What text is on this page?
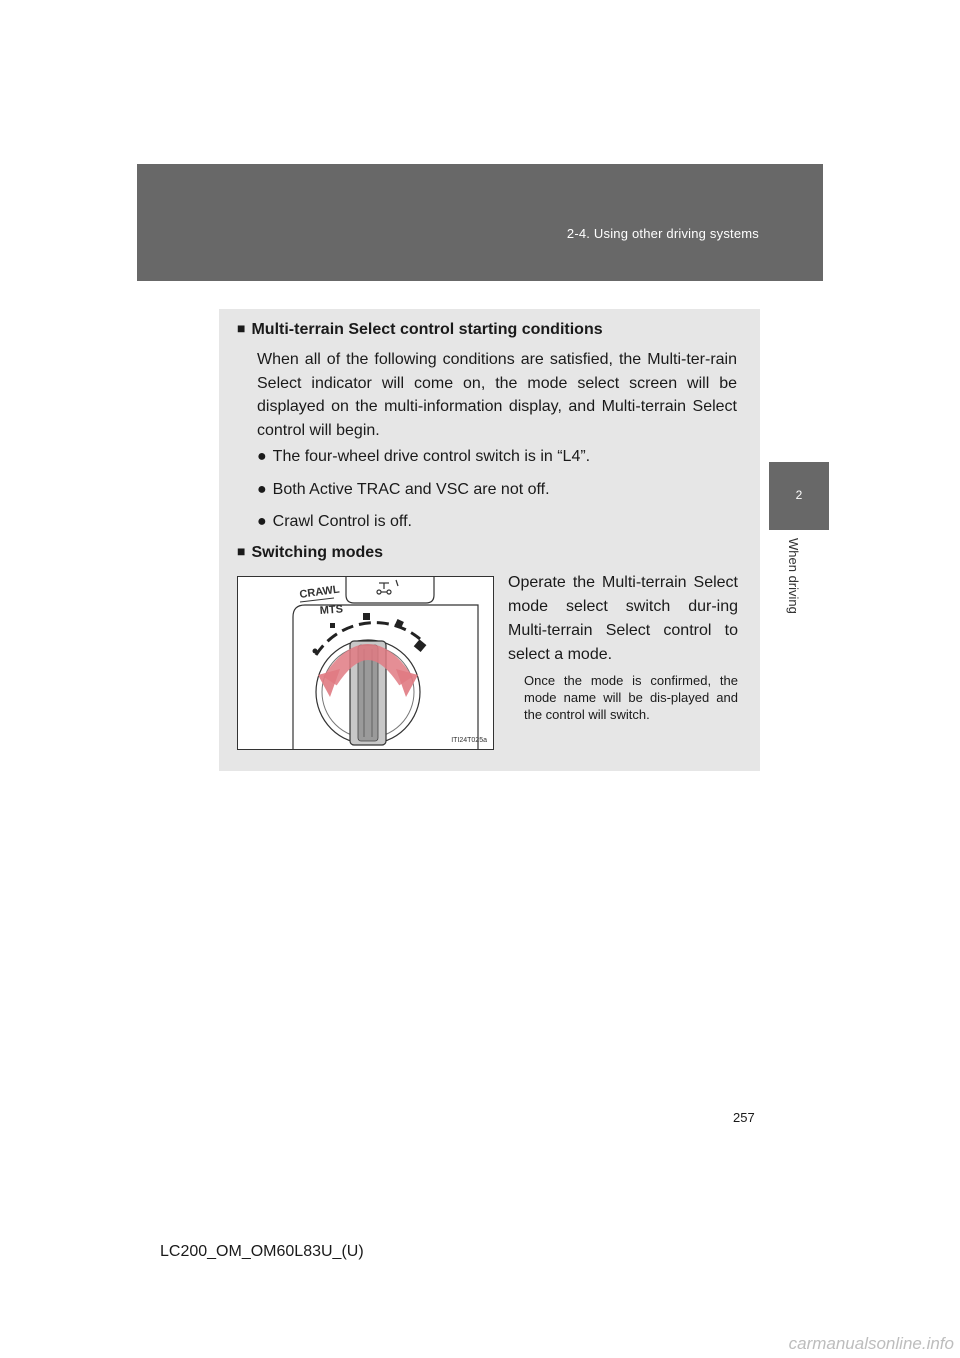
2-4. Using other driving systems
2
When driving
■ Multi-terrain Select control starting conditions
When all of the following conditions are satisfied, the Multi-ter-rain Select indicator will come on, the mode select screen will be displayed on the multi-information display, and Multi-terrain Select control will begin.
● The four-wheel drive control switch is in “L4”.
● Both Active TRAC and VSC are not off.
● Crawl Control is off.
■ Switching modes
CRAWL
MTS
ITI24T025a
Operate the Multi-terrain Select mode select switch dur-ing Multi-terrain Select control to select a mode.
Once the mode is confirmed, the mode name will be dis-played and the control will switch.
257
LC200_OM_OM60L83U_(U)
carmanualsonline.info
